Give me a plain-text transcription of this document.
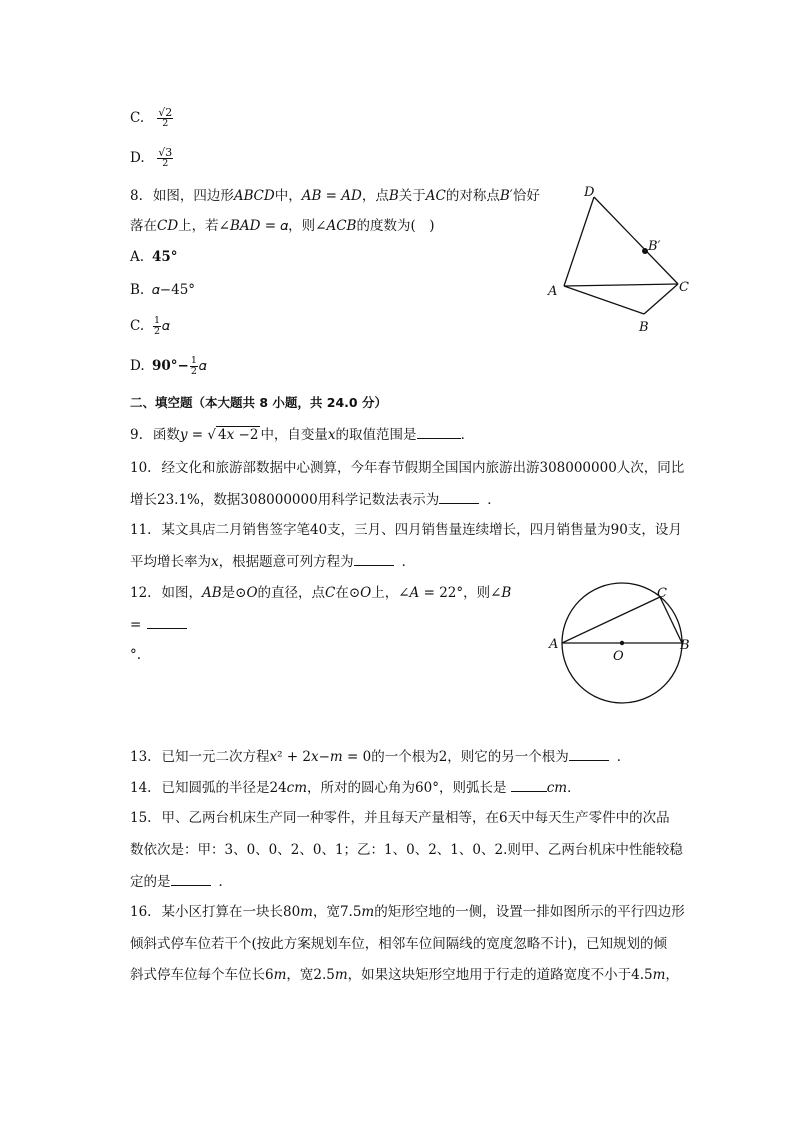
C. $\frac{√2}{2}$
D. $\frac{√3}{2}$
8. 如图，四边形𝐴𝐵𝐶𝐷中，𝐴𝐵 = 𝐴𝐷，点𝐵关于𝐴𝐶的对称点𝐵′恰好
落在𝐶𝐷上，若∠𝐵𝐴𝐷 = 𝛼，则∠𝐴𝐶𝐵的度数为(　)
A. 45°
B. 𝛼−45°
C. $\frac{1}{2}$ 𝛼
D. $90^\circ- \frac{1}{2}$ 𝛼
D
B′
A	C
B
二、填空题（本大题共 8 小题，共 24.0 分）
9. 函数𝑦 = √ 4𝑥 −2 中，自变量𝑥的取值范围是	．
10. 经文化和旅游部数据中心测算，今年春节假期全国国内旅游出游308000000人次，同比
增长23.1%，数据308000000用科学记数法表示为	．
11. 某文具店二月销售签字笔40支，三月、四月销售量连续增长，四月销售量为90支，设月
平均增长率为𝑥，根据题意可列方程为	．
12. 如图，𝐴𝐵是⊙𝑂的直径，点𝐶在⊙𝑂上，∠𝐴 = 22°，则∠𝐵
=
°.
A
O
B
C
13. 已知一元二次方程𝑥² + 2𝑥−𝑚 = 0的一个根为2，则它的另一个根为	．
14. 已知圆弧的半径是24𝑐𝑚，所对的圆心角为60°，则弧长是	𝑐𝑚．
15. 甲、乙两台机床生产同一种零件，并且每天产量相等，在6天中每天生产零件中的次品
数依次是：甲：3、0、0、2、0、1；乙：1、0、2、1、0、2.则甲、乙两台机床中性能较稳
定的是	．
16. 某小区打算在一块长80𝑚，宽7.5𝑚的矩形空地的一侧，设置一排如图所示的平行四边形
倾斜式停车位若干个(按此方案规划车位，相邻车位间隔线的宽度忽略不计)，已知规划的倾
斜式停车位每个车位长6𝑚，宽2.5𝑚，如果这块矩形空地用于行走的道路宽度不小于4.5𝑚，
